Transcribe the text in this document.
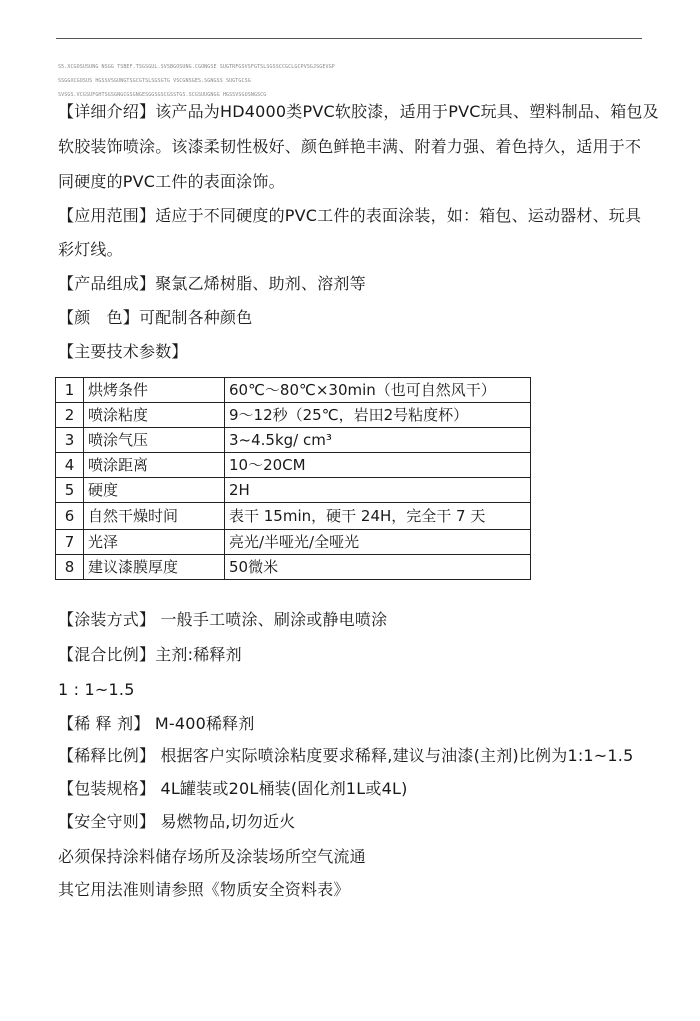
S5.XCGOSUSUNG NSGG TSBEF.TSGSGUL.SVSBGOSUNG.CGONGSE SUGTRFGSVSFGTSLSGSSCCGCLGCPVSGJSGEVGP

SSGGXCGOSUS HGSSVSGUNGTSGCGTSLSGSGTG VSCGNSGES.SGNGSS SUGTGCSG

SVSGS.VCGSUFGHTSGSGNGCGSGNGESGGSGSCGSSTGS.SCGSUUGNGG HGSSVSGUSNGSCG

【详细介绍】该产品为HD4000类PVC软胶漆，适用于PVC玩具、塑料制品、箱包及
软胶装饰喷涂。该漆柔韧性极好、颜色鲜艳丰满、附着力强、着色持久，适用于不
同硬度的PVC工件的表面涂饰。
【应用范围】适应于不同硬度的PVC工件的表面涂装，如：箱包、运动器材、玩具
彩灯线。
【产品组成】聚氯乙烯树脂、助剂、溶剂等
【颜　色】可配制各种颜色
【主要技术参数】
1	烘烤条件	60℃～80℃×30min（也可自然风干）
2	喷涂粘度	9～12秒（25℃，岩田2号粘度杯）
3	喷涂气压	3~4.5kg/ cm³
4	喷涂距离	10～20CM
5	硬度	2H
6	自然干燥时间	表干 15min，硬干 24H，完全干 7 天
7	光泽	亮光/半哑光/全哑光
8	建议漆膜厚度	50微米
【涂装方式】 一般手工喷涂、刷涂或静电喷涂
【混合比例】主剂:稀释剂
1 : 1~1.5
【稀 释 剂】 M-400稀释剂
【稀释比例】 根据客户实际喷涂粘度要求稀释,建议与油漆(主剂)比例为1:1~1.5
【包装规格】 4L罐装或20L桶装(固化剂1L或4L)
【安全守则】 易燃物品,切勿近火
必须保持涂料储存场所及涂装场所空气流通
其它用法准则请参照《物质安全资料表》
